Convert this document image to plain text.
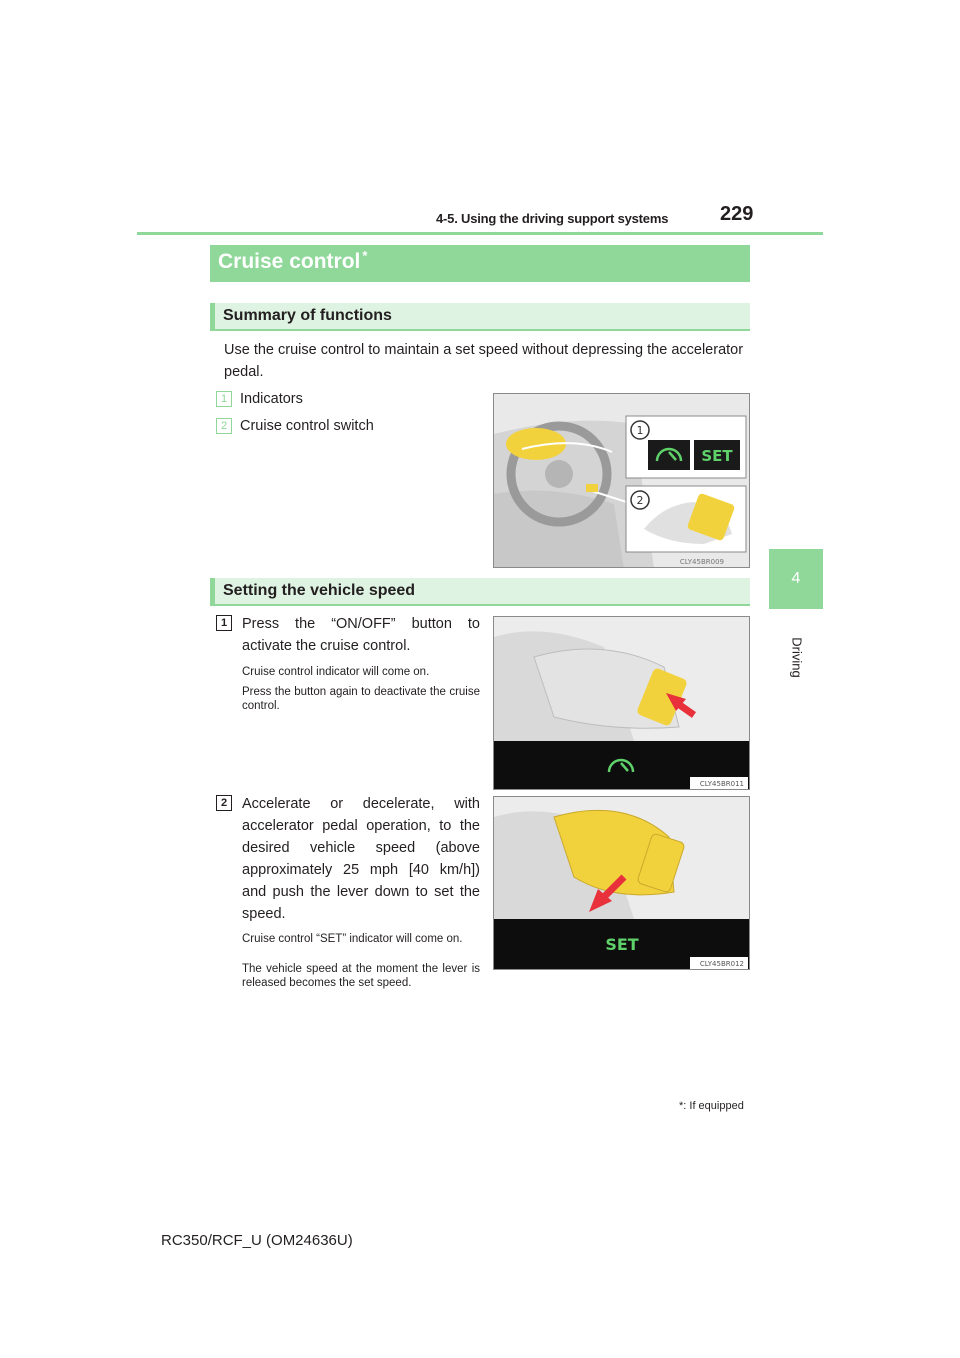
4-5. Using the driving support systems	229
4
Driving
Cruise control *
Summary of functions
Use the cruise control to maintain a set speed without depressing the accelerator pedal.
1 Indicators
2 Cruise control switch	1
SET
2
CLY45BR009
Setting the vehicle speed
1	Press the “ON/OFF” button to activate the cruise control.
Cruise control indicator will come on.
Press the button again to deactivate the cruise control.
CLY45BR011
2	Accelerate or decelerate, with accelerator pedal operation, to the desired vehicle speed (above approximately 25 mph [40 km/h]) and push the lever down to set the speed.
Cruise control “SET” indicator will come on.
The vehicle speed at the moment the lever is released becomes the set speed.
SET
CLY45BR012
*: If equipped
RC350/RCF_U (OM24636U)
